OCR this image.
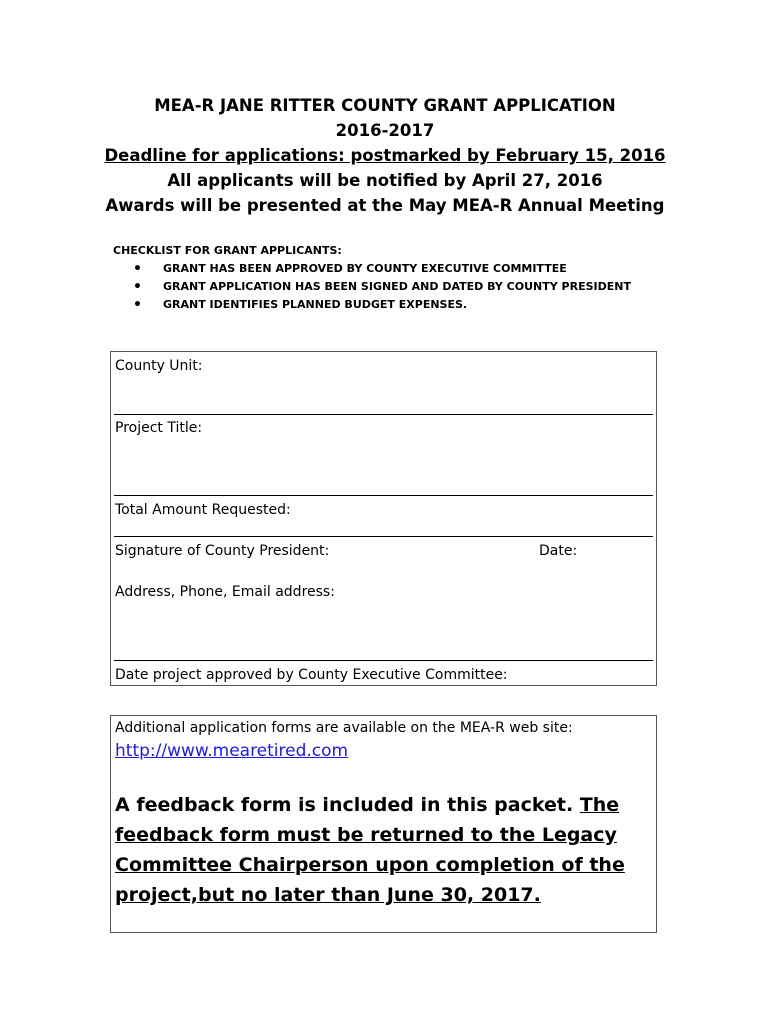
MEA-R JANE RITTER COUNTY GRANT APPLICATION
2016-2017
Deadline for applications: postmarked by February 15, 2016
All applicants will be notified by April 27, 2016
Awards will be presented at the May MEA-R Annual Meeting
CHECKLIST FOR GRANT APPLICANTS:
• GRANT HAS BEEN APPROVED BY COUNTY EXECUTIVE COMMITTEE
• GRANT APPLICATION HAS BEEN SIGNED AND DATED BY COUNTY PRESIDENT
• GRANT IDENTIFIES PLANNED BUDGET EXPENSES.
County Unit:
Project Title:
Total Amount Requested:
Signature of County President:	Date:
Address, Phone, Email address:
Date project approved by County Executive Committee:
Additional application forms are available on the MEA-R web site:
http://www.mearetired.com
A feedback form is included in this packet. The feedback form must be returned to the Legacy Committee Chairperson upon completion of the project,but no later than June 30, 2017.
